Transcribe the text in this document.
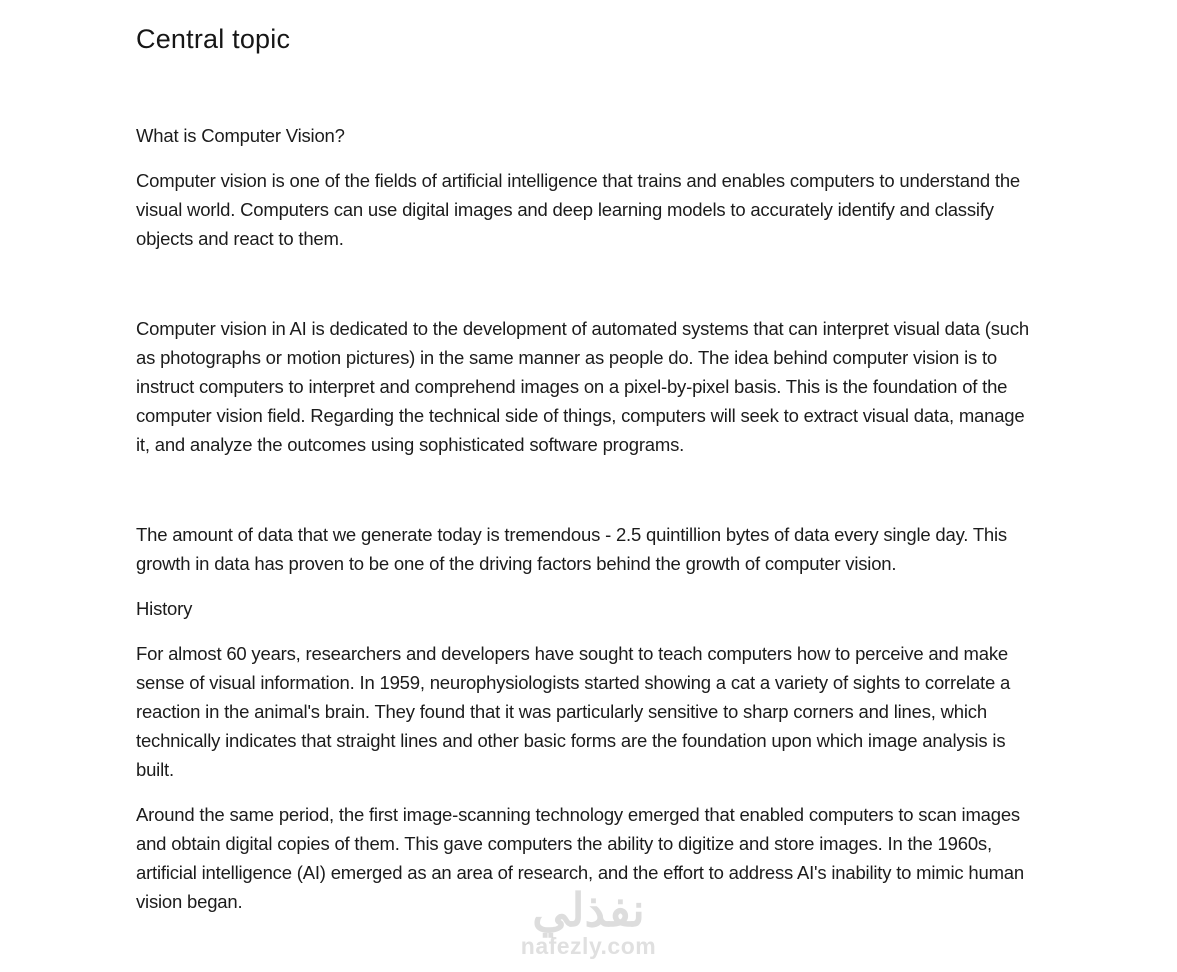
Central topic

What is Computer Vision?

Computer vision is one of the fields of artificial intelligence that trains and enables computers to understand the visual world. Computers can use digital images and deep learning models to accurately identify and classify objects and react to them.

Computer vision in AI is dedicated to the development of automated systems that can interpret visual data (such as photographs or motion pictures) in the same manner as people do. The idea behind computer vision is to instruct computers to interpret and comprehend images on a pixel-by-pixel basis. This is the foundation of the computer vision field. Regarding the technical side of things, computers will seek to extract visual data, manage it, and analyze the outcomes using sophisticated software programs.

The amount of data that we generate today is tremendous - 2.5 quintillion bytes of data every single day. This growth in data has proven to be one of the driving factors behind the growth of computer vision.

History

For almost 60 years, researchers and developers have sought to teach computers how to perceive and make sense of visual information. In 1959, neurophysiologists started showing a cat a variety of sights to correlate a reaction in the animal's brain. They found that it was particularly sensitive to sharp corners and lines, which technically indicates that straight lines and other basic forms are the foundation upon which image analysis is built.

Around the same period, the first image-scanning technology emerged that enabled computers to scan images and obtain digital copies of them. This gave computers the ability to digitize and store images. In the 1960s, artificial intelligence (AI) emerged as an area of research, and the effort to address AI's inability to mimic human vision began.	نفذلي
nafezly.com
